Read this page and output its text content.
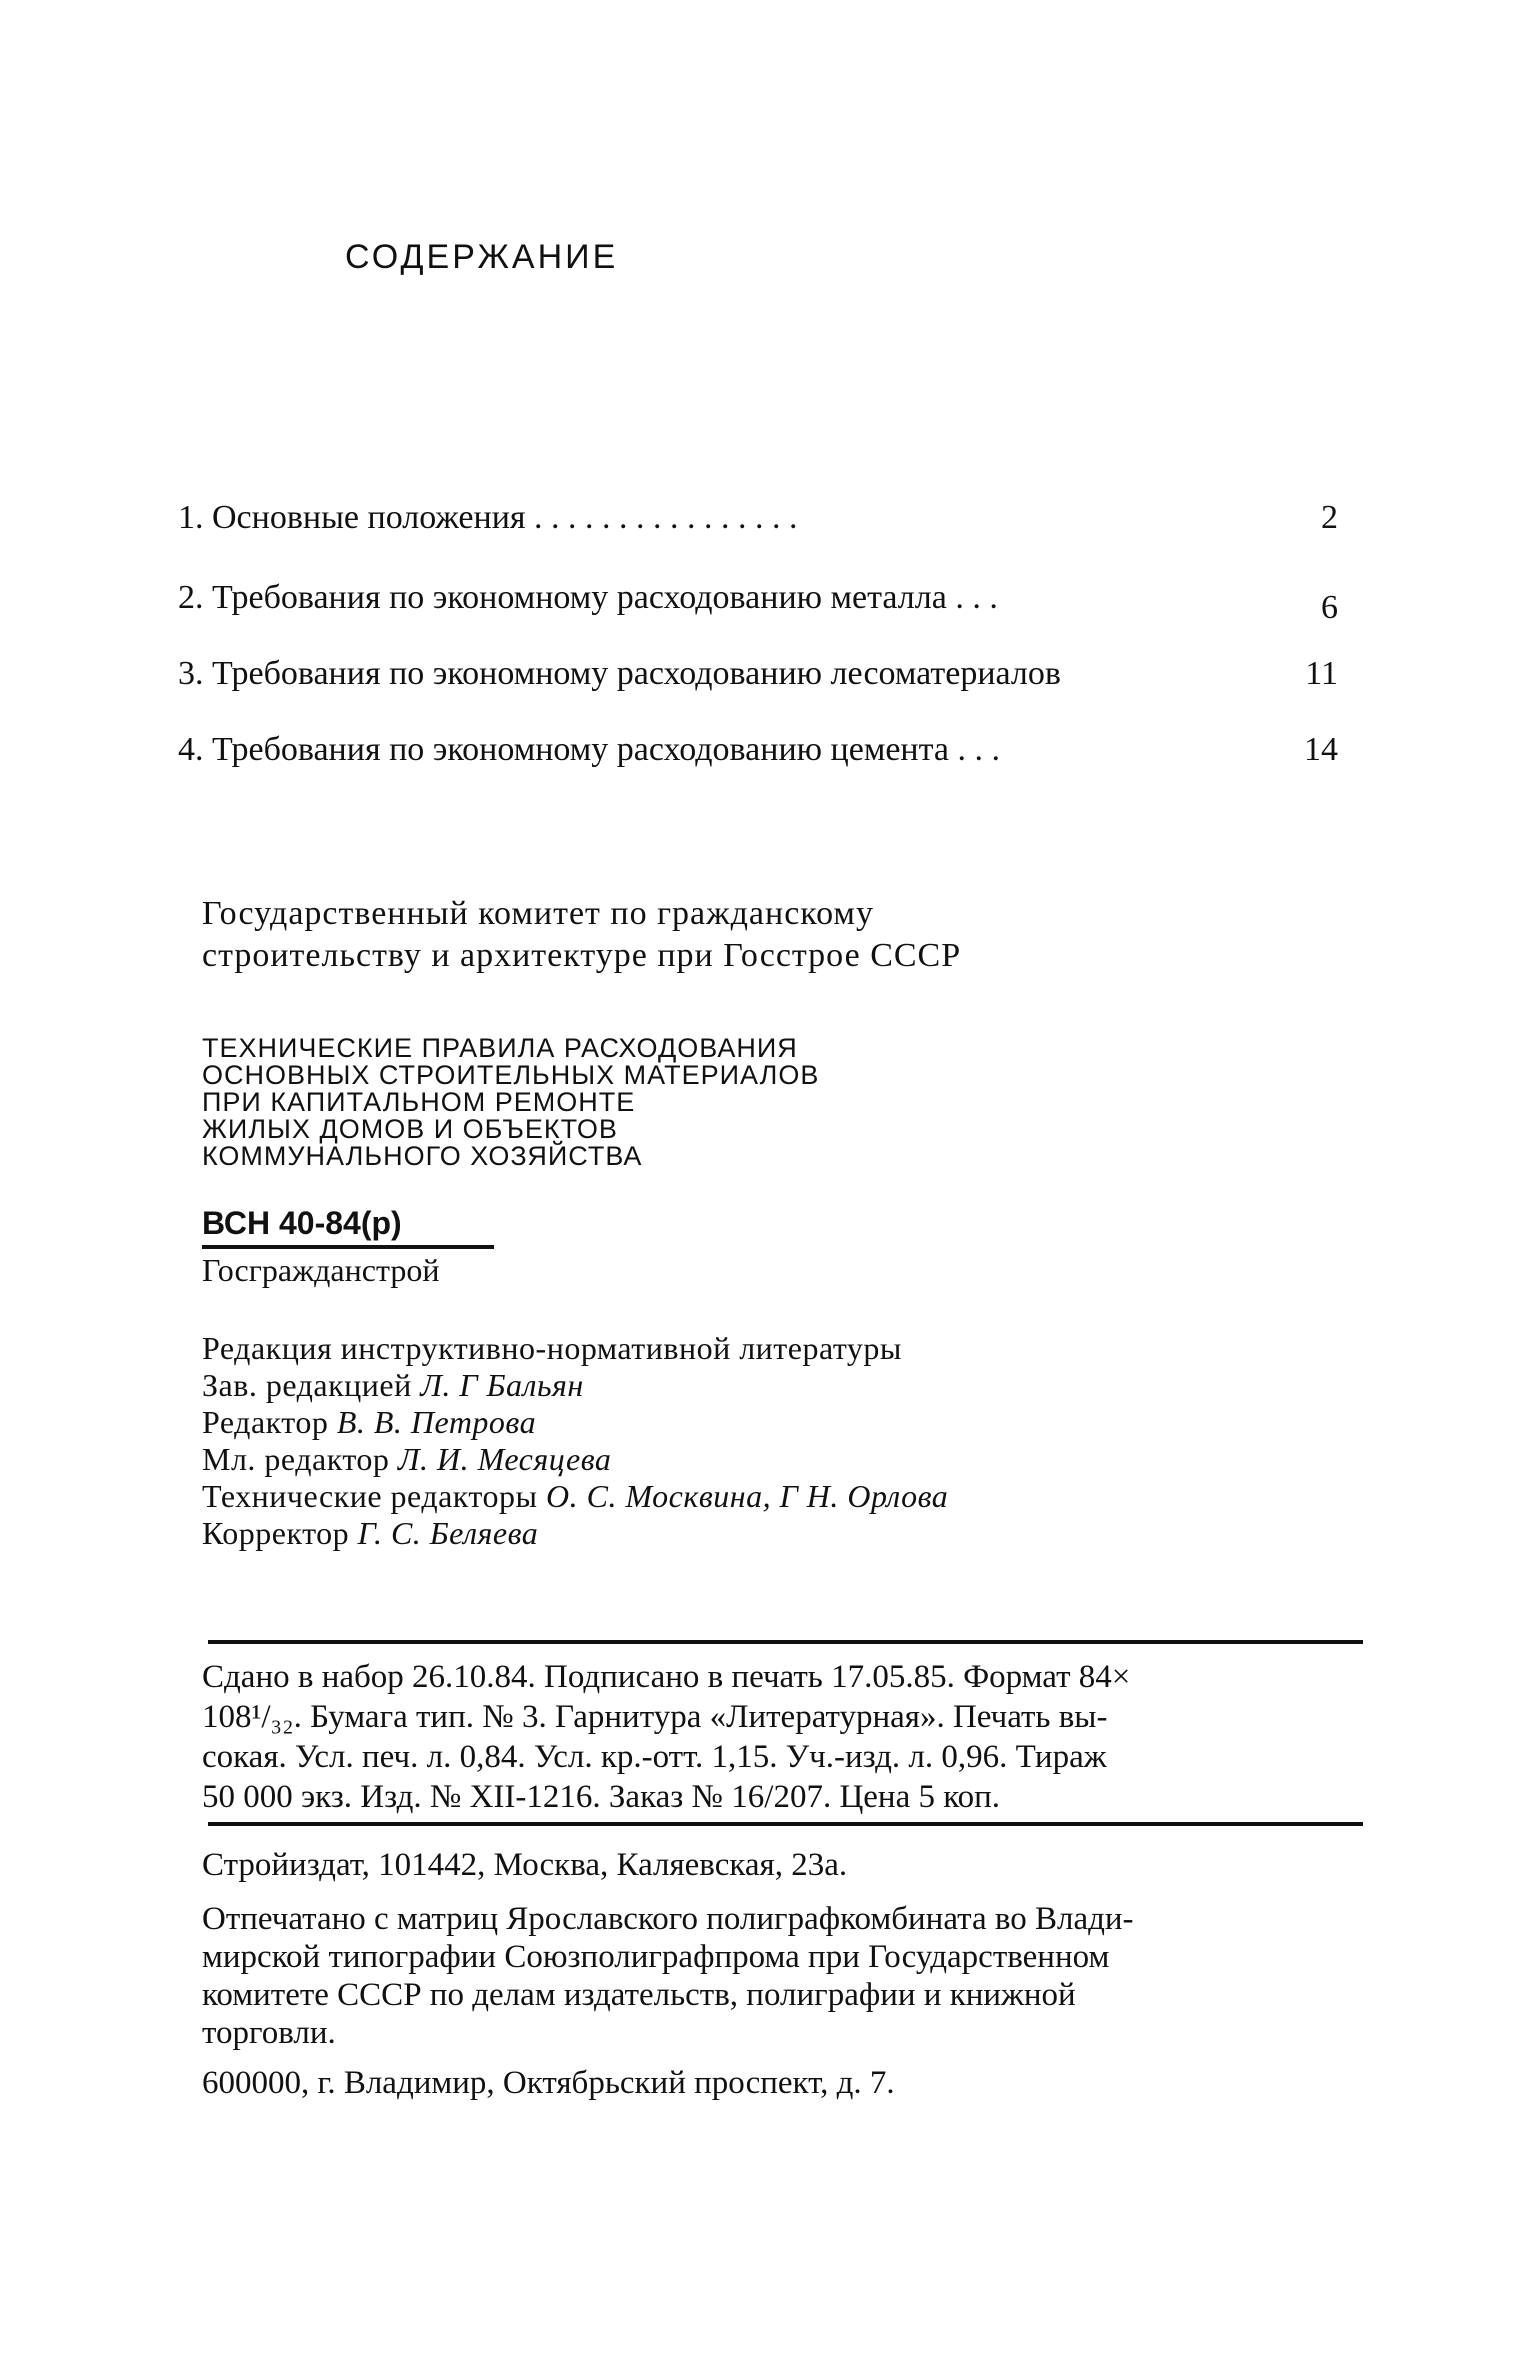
СОДЕРЖАНИЕ
1. Основные положения . . . . . . . . . . . . . . . .	2
2. Требования по экономному расходованию металла . . .	6
3. Требования по экономному расходованию лесоматериалов	11
4. Требования по экономному расходованию цемента . . .	14
Государственный комитет по гражданскому
строительству и архитектуре при Госстрое СССР
ТЕХНИЧЕСКИЕ ПРАВИЛА РАСХОДОВАНИЯ
ОСНОВНЫХ СТРОИТЕЛЬНЫХ МАТЕРИАЛОВ
ПРИ КАПИТАЛЬНОМ РЕМОНТЕ
ЖИЛЫХ ДОМОВ И ОБЪЕКТОВ
КОММУНАЛЬНОГО ХОЗЯЙСТВА
ВСН 40-84(р)
Госгражданстрой
Редакция инструктивно-нормативной литературы
Зав. редакцией Л. Г Бальян
Редактор В. В. Петрова
Мл. редактор Л. И. Месяцева
Технические редакторы О. С. Москвина, Г Н. Орлова
Корректор Г. С. Беляева
Сдано в набор 26.10.84. Подписано в печать 17.05.85. Формат 84×
108¹/₃₂. Бумага тип. № 3. Гарнитура «Литературная». Печать вы-
сокая. Усл. печ. л. 0,84. Усл. кр.-отт. 1,15. Уч.-изд. л. 0,96. Тираж
50 000 экз. Изд. № XII-1216. Заказ № 16/207. Цена 5 коп.
Стройиздат, 101442, Москва, Каляевская, 23а.
Отпечатано с матриц Ярославского полиграфкомбината во Влади-
мирской типографии Союзполиграфпрома при Государственном
комитете СССР по делам издательств, полиграфии и книжной
торговли.
600000, г. Владимир, Октябрьский проспект, д. 7.
